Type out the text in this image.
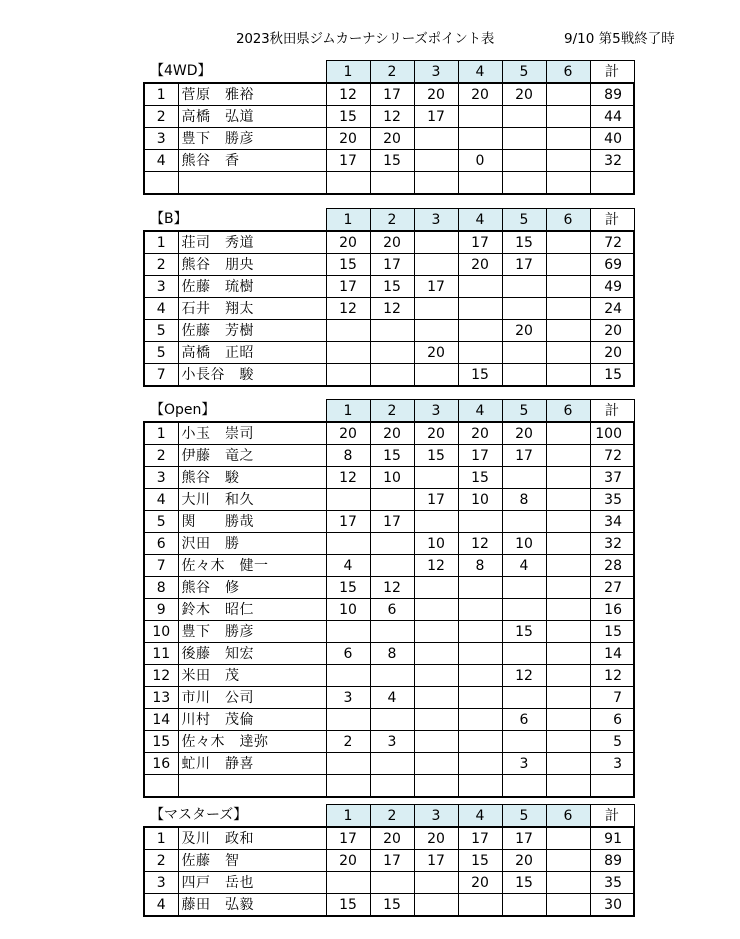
2023秋田県ジムカーナシリーズポイント表	9/10 第5戦終了時
【4WD】		1	2	3	4	5	6	計
1	菅原　雅裕	12	17	20	20	20		89
2	高橋　弘道	15	12	17				44
3	豊下　勝彦	20	20					40
4	熊谷　香	17	15		0			32

【B】		1	2	3	4	5	6	計
1	荘司　秀道	20	20		17	15		72
2	熊谷　朋央	15	17		20	17		69
3	佐藤　琉樹	17	15	17				49
4	石井　翔太	12	12					24
5	佐藤　芳樹					20		20
5	高橋　正昭			20				20
7	小長谷　駿				15			15
【Open】		1	2	3	4	5	6	計
1	小玉　崇司	20	20	20	20	20		100
2	伊藤　竜之	8	15	15	17	17		72
3	熊谷　駿	12	10		15			37
4	大川　和久			17	10	8		35
5	関　　勝哉	17	17					34
6	沢田　勝			10	12	10		32
7	佐々木　健一	4		12	8	4		28
8	熊谷　修	15	12					27
9	鈴木　昭仁	10	6					16
10	豊下　勝彦					15		15
11	後藤　知宏	6	8					14
12	米田　茂					12		12
13	市川　公司	3	4					7
14	川村　茂倫					6		6
15	佐々木　達弥	2	3					5
16	虻川　静喜					3		3

【マスターズ】		1	2	3	4	5	6	計
1	及川　政和	17	20	20	17	17		91
2	佐藤　智	20	17	17	15	20		89
3	四戸　岳也				20	15		35
4	藤田　弘毅	15	15					30
